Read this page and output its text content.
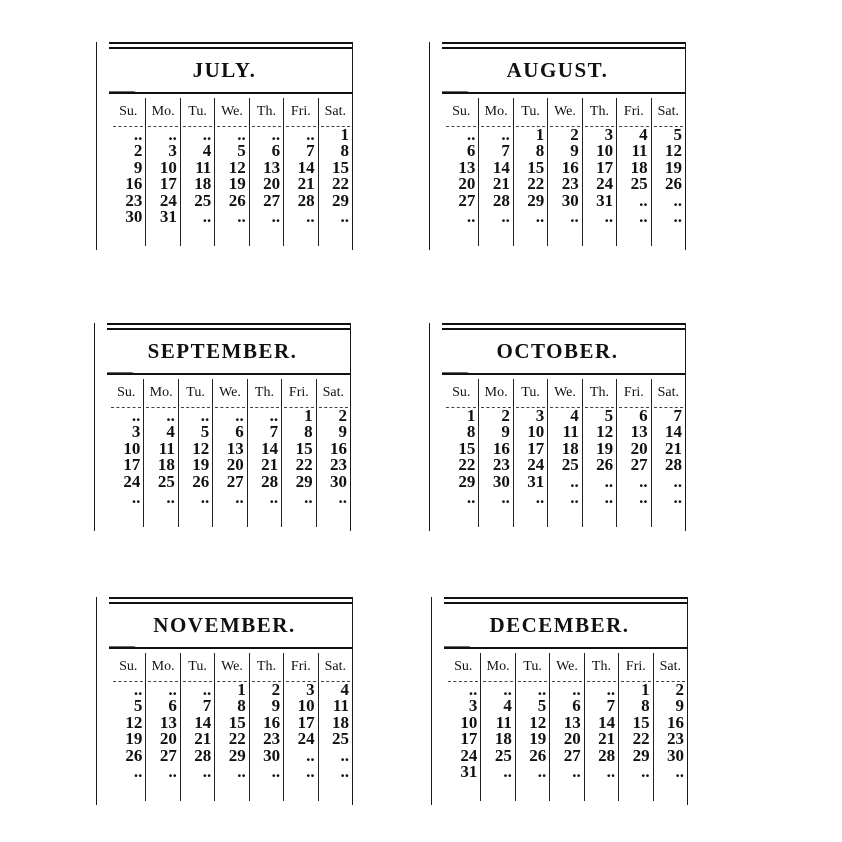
JULY.
Su.
..
2
9
16
23
30
Mo.
..
3
10
17
24
31
Tu.
..
4
11
18
25
..
We.
..
5
12
19
26
..
Th.
..
6
13
20
27
..
Fri.
..
7
14
21
28
..
Sat.
1
8
15
22
29
..
AUGUST.
Su.
..
6
13
20
27
..
Mo.
..
7
14
21
28
..
Tu.
1
8
15
22
29
..
We.
2
9
16
23
30
..
Th.
3
10
17
24
31
..
Fri.
4
11
18
25
..
..
Sat.
5
12
19
26
..
..
SEPTEMBER.
Su.
..
3
10
17
24
..
Mo.
..
4
11
18
25
..
Tu.
..
5
12
19
26
..
We.
..
6
13
20
27
..
Th.
..
7
14
21
28
..
Fri.
1
8
15
22
29
..
Sat.
2
9
16
23
30
..
OCTOBER.
Su.
1
8
15
22
29
..
Mo.
2
9
16
23
30
..
Tu.
3
10
17
24
31
..
We.
4
11
18
25
..
..
Th.
5
12
19
26
..
..
Fri.
6
13
20
27
..
..
Sat.
7
14
21
28
..
..
NOVEMBER.
Su.
..
5
12
19
26
..
Mo.
..
6
13
20
27
..
Tu.
..
7
14
21
28
..
We.
1
8
15
22
29
..
Th.
2
9
16
23
30
..
Fri.
3
10
17
24
..
..
Sat.
4
11
18
25
..
..
DECEMBER.
Su.
..
3
10
17
24
31
Mo.
..
4
11
18
25
..
Tu.
..
5
12
19
26
..
We.
..
6
13
20
27
..
Th.
..
7
14
21
28
..
Fri.
1
8
15
22
29
..
Sat.
2
9
16
23
30
..
